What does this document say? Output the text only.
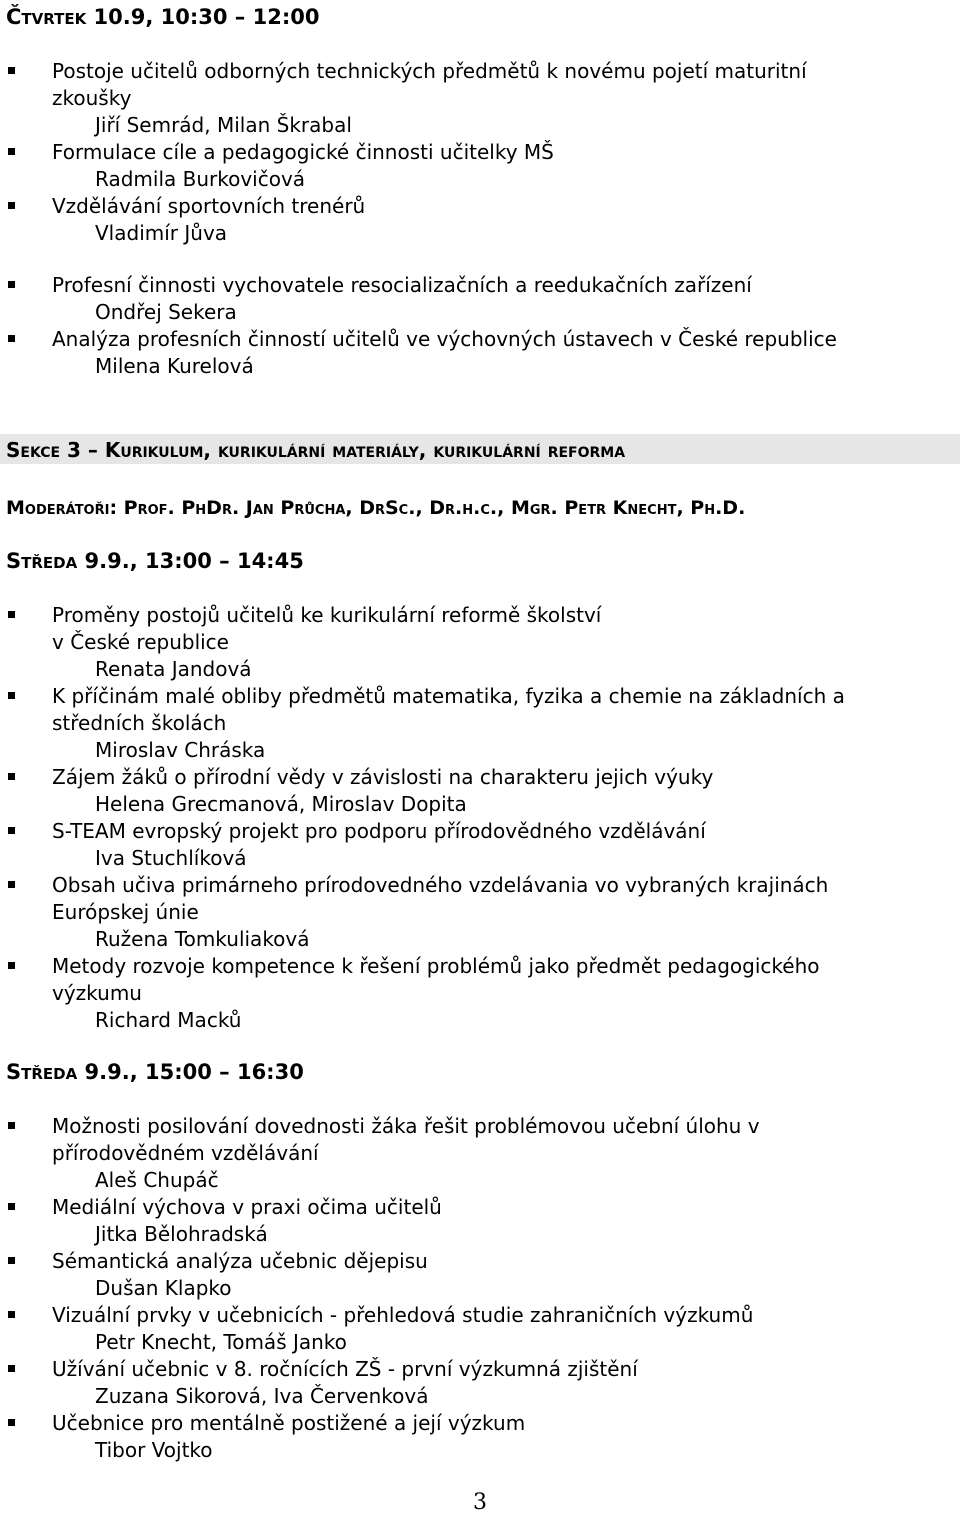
Čtvrtek 10.9, 10:30 – 12:00
Postoje učitelů odborných technických předmětů k novému pojetí maturitní
zkoušky
Jiří Semrád, Milan Škrabal
Formulace cíle a pedagogické činnosti učitelky MŠ
Radmila Burkovičová
Vzdělávání sportovních trenérů
Vladimír Jůva
Profesní činnosti vychovatele resocializačních a reedukačních zařízení
Ondřej Sekera
Analýza profesních činností učitelů ve výchovných ústavech v České republice
Milena Kurelová
Sekce 3 – Kurikulum, kurikulární materiály, kurikulární reforma
Moderátoři: Prof. PhDr. Jan Průcha, DrSc., Dr.h.c., Mgr. Petr Knecht, Ph.D.
Středa 9.9., 13:00 – 14:45
Proměny postojů učitelů ke kurikulární reformě školství
v České republice
Renata Jandová
K příčinám malé obliby předmětů matematika, fyzika a chemie na základních a
středních školách
Miroslav Chráska
Zájem žáků o přírodní vědy v závislosti na charakteru jejich výuky
Helena Grecmanová, Miroslav Dopita
S-TEAM evropský projekt pro podporu přírodovědného vzdělávání
Iva Stuchlíková
Obsah učiva primárneho prírodovedného vzdelávania vo vybraných krajinách
Európskej únie
Ružena Tomkuliaková
Metody rozvoje kompetence k řešení problémů jako předmět pedagogického
výzkumu
Richard Macků
Středa 9.9., 15:00 – 16:30
Možnosti posilování dovednosti žáka řešit problémovou učební úlohu v
přírodovědném vzdělávání
Aleš Chupáč
Mediální výchova v praxi očima učitelů
Jitka Bělohradská
Sémantická analýza učebnic dějepisu
Dušan Klapko
Vizuální prvky v učebnicích - přehledová studie zahraničních výzkumů
Petr Knecht, Tomáš Janko
Užívání učebnic v 8. ročnících ZŠ - první výzkumná zjištění
Zuzana Sikorová, Iva Červenková
Učebnice pro mentálně postižené a její výzkum
Tibor Vojtko
3
